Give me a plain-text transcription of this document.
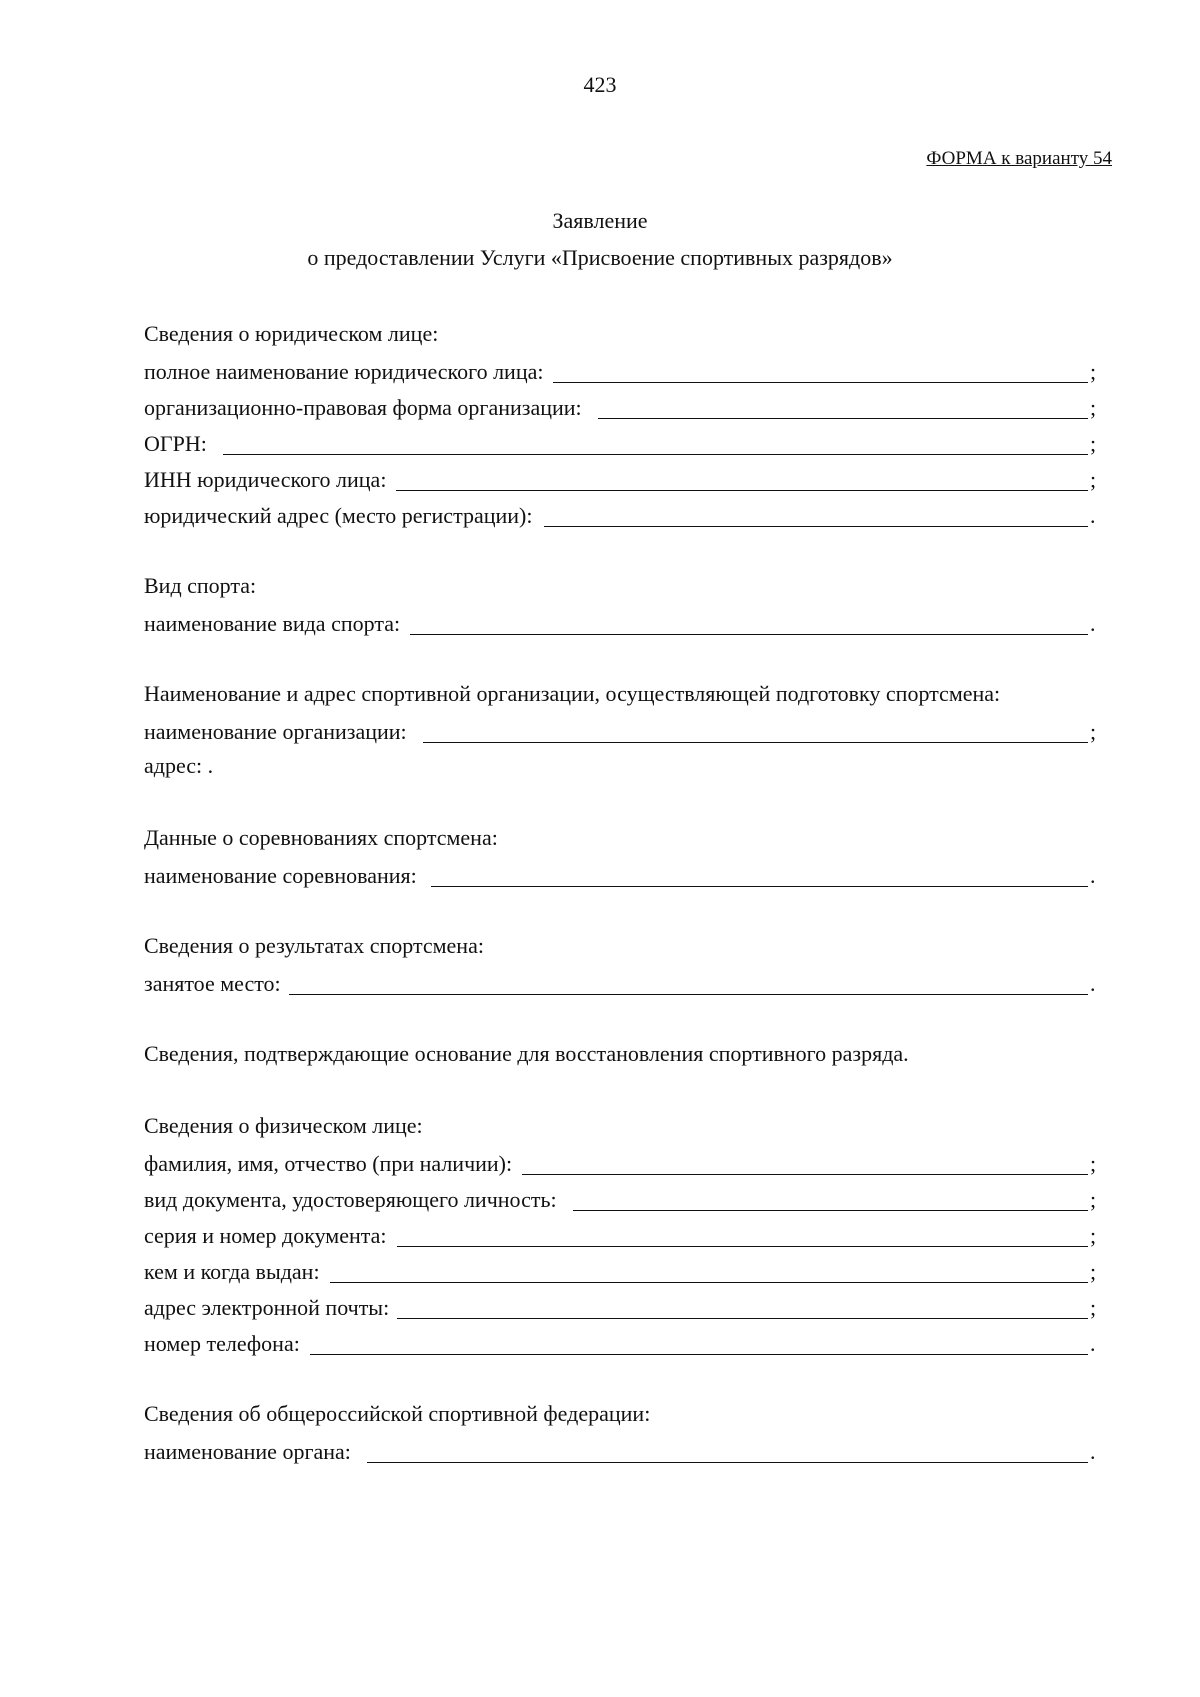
423
ФОРМА к варианту 54
Заявление
о предоставлении Услуги «Присвоение спортивных разрядов»
Сведения о юридическом лице:
полное наименование юридического лица:	;
организационно-правовая форма организации:	;
ОГРН:	;
ИНН юридического лица:	;
юридический адрес (место регистрации):	.
Вид спорта:
наименование вида спорта:	.
Наименование и адрес спортивной организации, осуществляющей подготовку спортсмена:
наименование организации:	;
адрес: .
Данные о соревнованиях спортсмена:
наименование соревнования:	.
Сведения о результатах спортсмена:
занятое место:	.
Сведения, подтверждающие основание для восстановления спортивного разряда.
Сведения о физическом лице:
фамилия, имя, отчество (при наличии):	;
вид документа, удостоверяющего личность:	;
серия и номер документа:	;
кем и когда выдан:	;
адрес электронной почты:	;
номер телефона:	.
Сведения об общероссийской спортивной федерации:
наименование органа:	.
